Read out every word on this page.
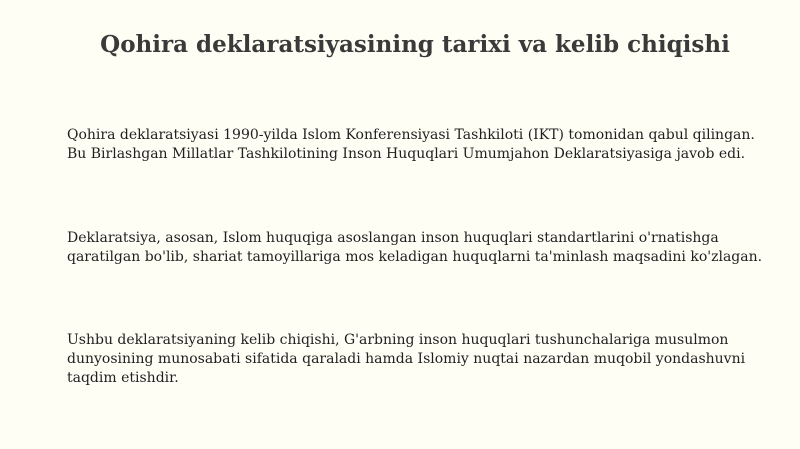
Qohira deklaratsiyasining tarixi va kelib chiqishi

Qohira deklaratsiyasi 1990-yilda Islom Konferensiyasi Tashkiloti (IKT) tomonidan qabul qilingan. Bu Birlashgan Millatlar Tashkilotining Inson Huquqlari Umumjahon Deklaratsiyasiga javob edi.

Deklaratsiya, asosan, Islom huquqiga asoslangan inson huquqlari standartlarini o'rnatishga qaratilgan bo'lib, shariat tamoyillariga mos keladigan huquqlarni ta'minlash maqsadini ko'zlagan.

Ushbu deklaratsiyaning kelib chiqishi, G'arbning inson huquqlari tushunchalariga musulmon dunyosining munosabati sifatida qaraladi hamda Islomiy nuqtai nazardan muqobil yondashuvni taqdim etishdir.
